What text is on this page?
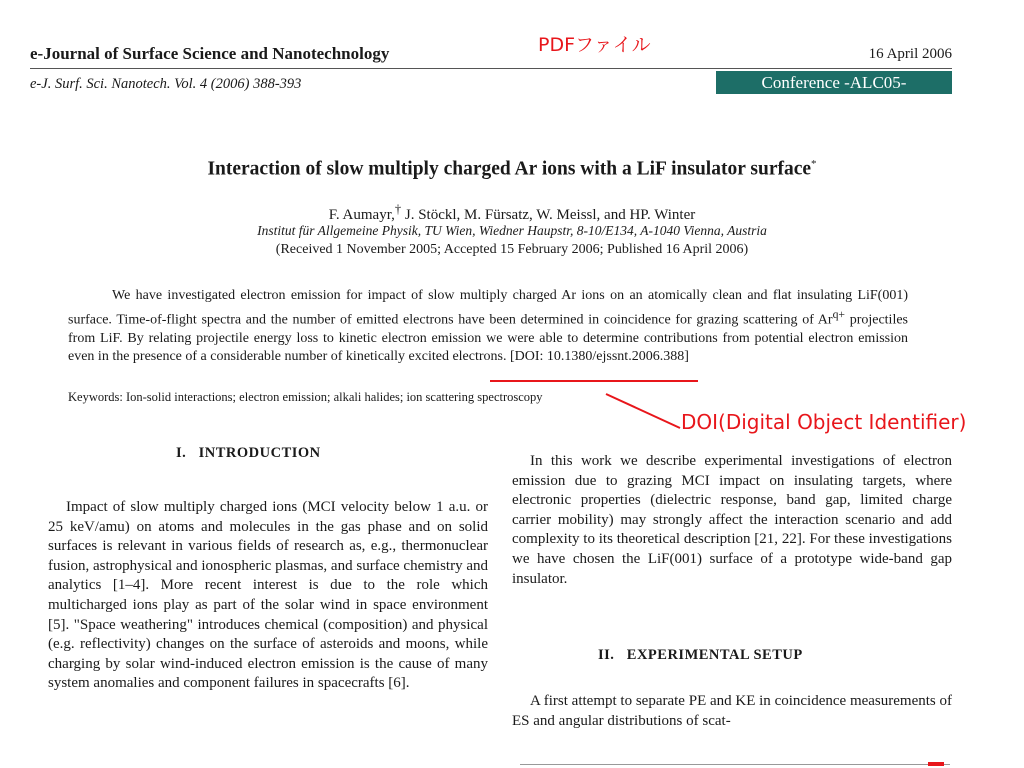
e-Journal of Surface Science and Nanotechnology	16 April 2006
e-J. Surf. Sci. Nanotech. Vol. 4 (2006) 388-393	Conference -ALC05-
PDFファイル
Interaction of slow multiply charged Ar ions with a LiF insulator surface*
F. Aumayr,† J. Stöckl, M. Fürsatz, W. Meissl, and HP. Winter
Institut für Allgemeine Physik, TU Wien, Wiedner Haupstr, 8-10/E134, A-1040 Vienna, Austria
(Received 1 November 2005; Accepted 15 February 2006; Published 16 April 2006)
We have investigated electron emission for impact of slow multiply charged Ar ions on an atomically clean and flat insulating LiF(001) surface. Time-of-flight spectra and the number of emitted electrons have been determined in coincidence for grazing scattering of $Ar^{q+}$ projectiles from LiF. By relating projectile energy loss to kinetic electron emission we were able to determine contributions from potential electron emission even in the presence of a considerable number of kinetically excited electrons. [DOI: 10.1380/ejssnt.2006.388]
Keywords: Ion-solid interactions; electron emission; alkali halides; ion scattering spectroscopy
DOI(Digital Object Identifier)
I.   INTRODUCTION
Impact of slow multiply charged ions (MCI velocity below 1 a.u. or 25 keV/amu) on atoms and molecules in the gas phase and on solid surfaces is relevant in various fields of research as, e.g., thermonuclear fusion, astrophysical and ionospheric plasmas, and surface chemistry and analytics [1–4]. More recent interest is due to the role which multicharged ions play as part of the solar wind in space environment [5]. "Space weathering" introduces chemical (composition) and physical (e.g. reflectivity) changes on the surface of asteroids and moons, while charging by solar wind-induced electron emission is the cause of many system anomalies and component failures in spacecrafts [6].
In this work we describe experimental investigations of electron emission due to grazing MCI impact on insulating targets, where electronic properties (dielectric response, band gap, limited charge carrier mobility) may strongly affect the interaction scenario and add complexity to its theoretical description [21, 22]. For these investigations we have chosen the LiF(001) surface of a prototype wide-band gap insulator.
II.   EXPERIMENTAL SETUP
A first attempt to separate PE and KE in coincidence measurements of ES and angular distributions of scat-
